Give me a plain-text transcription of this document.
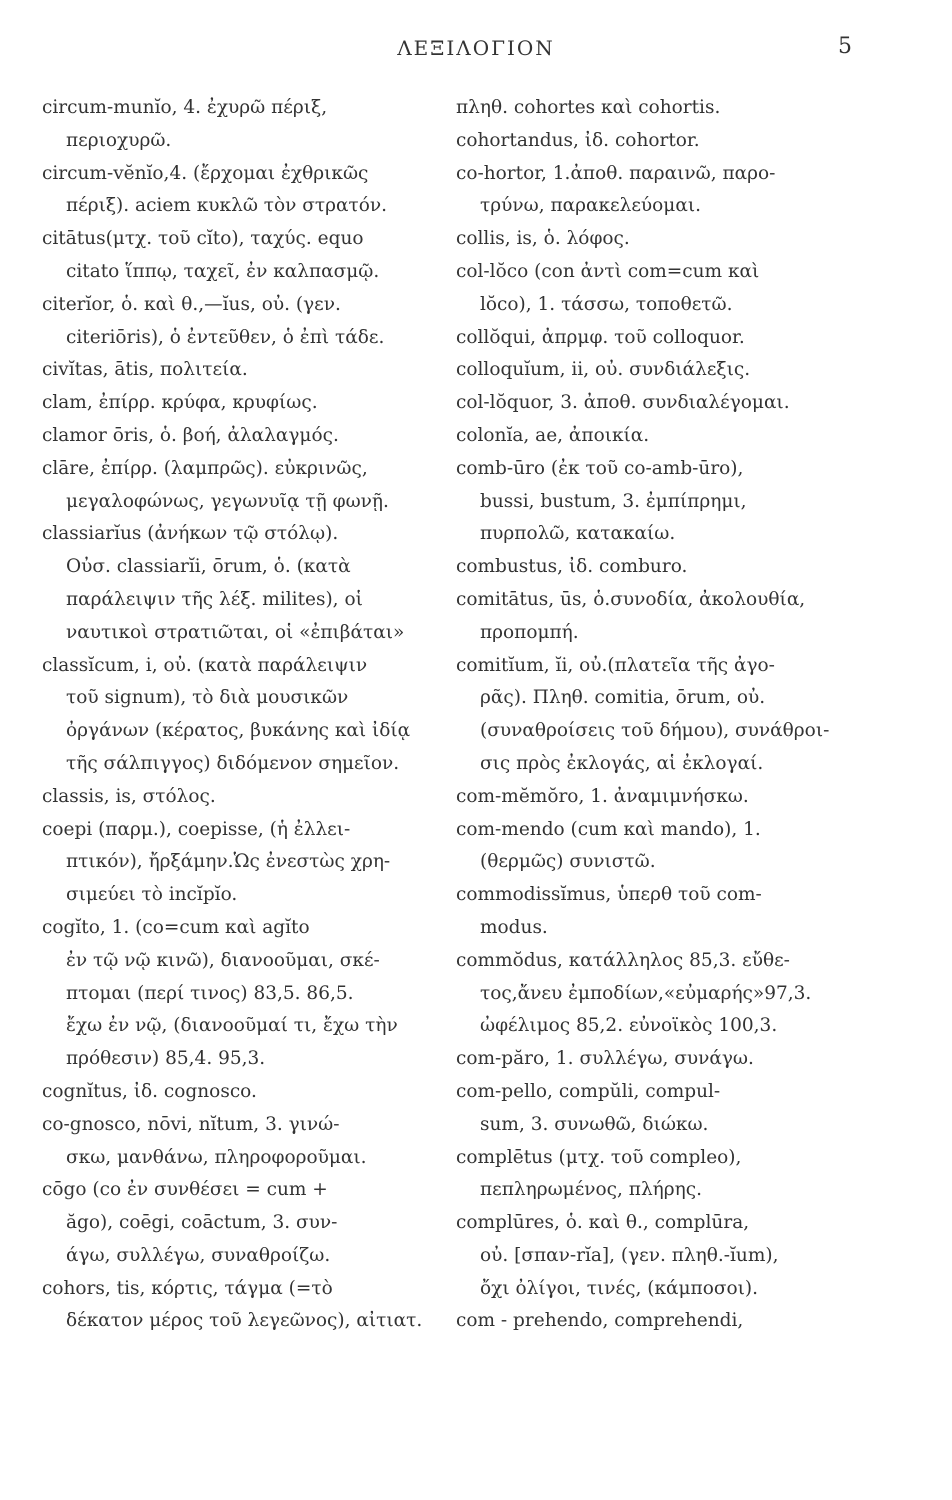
ΛΕΞΙΛΟΓΙΟΝ	5
circum-munĭo, 4. ἐχυρῶ πέριξ,
περιοχυρῶ.
circum-vĕnĭo,4. (ἔρχομαι ἐχθρικῶς
πέριξ). aciem κυκλῶ τὸν στρατόν.
citātus(μτχ. τοῦ cĭto), ταχύς. equo
citato ἵππῳ, ταχεῖ, ἐν καλπασμῷ.
citerĭor, ὁ. καὶ θ.,—ĭus, οὐ. (γεν.
citeriōris), ὁ ἐντεῦθεν, ὁ ἐπὶ τάδε.
civĭtas, ātis, πολιτεία.
clam, ἐπίρρ. κρύφα, κρυφίως.
clamor ōris, ὁ. βοή, ἀλαλαγμός.
clāre, ἐπίρρ. (λαμπρῶς). εὐκρινῶς,
μεγαλοφώνως, γεγωνυῖᾳ τῇ φωνῇ.
classiarĭus (ἀνήκων τῷ στόλῳ).
Οὐσ. classiarĭi, ōrum, ὁ. (κατὰ
παράλειψιν τῆς λέξ. milites), οἱ
ναυτικοὶ στρατιῶται, οἱ «ἐπιβάται»
classĭcum, i, οὐ. (κατὰ παράλειψιν
τοῦ signum), τὸ διὰ μουσικῶν
ὀργάνων (κέρατος, βυκάνης καὶ ἰδίᾳ
τῆς σάλπιγγος) διδόμενον σημεῖον.
classis, is, στόλος.
coepi (παρμ.), coepisse, (ἡ ἐλλει-
πτικόν), ἤρξάμην.Ὡς ἐνεστὼς χρη-
σιμεύει τὸ incĭpĭo.
cogĭto, 1. (co=cum καὶ agĭto
ἐν τῷ νῷ κινῶ), διανοοῦμαι, σκέ-
πτομαι (περί τινος) 83,5. 86,5.
ἔχω ἐν νῷ, (διανοοῦμαί τι, ἔχω τὴν
πρόθεσιν) 85,4. 95,3.
cognĭtus, ἰδ. cognosco.
co-gnosco, nōvi, nĭtum, 3. γινώ-
σκω, μανθάνω, πληροφοροῦμαι.
cōgo (co ἐν συνθέσει = cum +
ăgo), coēgi, coāctum, 3. συν-
άγω, συλλέγω, συναθροίζω.
cohors, tis, κόρτις, τάγμα (=τὸ
δέκατον μέρος τοῦ λεγεῶνος), αἰτιατ.
πληθ. cohortes καὶ cohortis.
cohortandus, ἰδ. cohortor.
co-hortor, 1.ἀποθ. παραινῶ, παρο-
τρύνω, παρακελεύομαι.
collis, is, ὁ. λόφος.
col-lŏco (con ἀντὶ com=cum καὶ
lŏco), 1. τάσσω, τοποθετῶ.
collŏqui, ἀπρμφ. τοῦ colloquor.
colloquĭum, ii, οὐ. συνδιάλεξις.
col-lŏquor, 3. ἀποθ. συνδιαλέγομαι.
colonĭa, ae, ἀποικία.
comb-ūro (ἐκ τοῦ co-amb-ūro),
bussi, bustum, 3. ἐμπίπρημι,
πυρπολῶ, κατακαίω.
combustus, ἰδ. comburo.
comitātus, ūs, ὁ.συνοδία, ἀκολουθία,
προπομπή.
comitĭum, ĭi, οὐ.(πλατεῖα τῆς ἀγο-
ρᾶς). Πληθ. comitia, ōrum, οὐ.
(συναθροίσεις τοῦ δήμου), συνάθροι-
σις πρὸς ἐκλογάς, αἱ ἐκλογαί.
com-mĕmŏro, 1. ἀναμιμνήσκω.
com-mendo (cum καὶ mando), 1.
(θερμῶς) συνιστῶ.
commodissĭmus, ὑπερθ τοῦ com-
modus.
commŏdus, κατάλληλος 85,3. εὔθε-
τος,ἄνευ ἐμποδίων,«εὐμαρής»97,3.
ὠφέλιμος 85,2. εὐνοϊκὸς 100,3.
com-păro, 1. συλλέγω, συνάγω.
com-pello, compŭli, compul-
sum, 3. συνωθῶ, διώκω.
complētus (μτχ. τοῦ compleo),
πεπληρωμένος, πλήρης.
complūres, ὁ. καὶ θ., complūra,
οὐ. [σπαν-rĭa], (γεν. πληθ.-ĭum),
ὄχι ὀλίγοι, τινές, (κάμποσοι).
com - prehendo, comprehendi,
